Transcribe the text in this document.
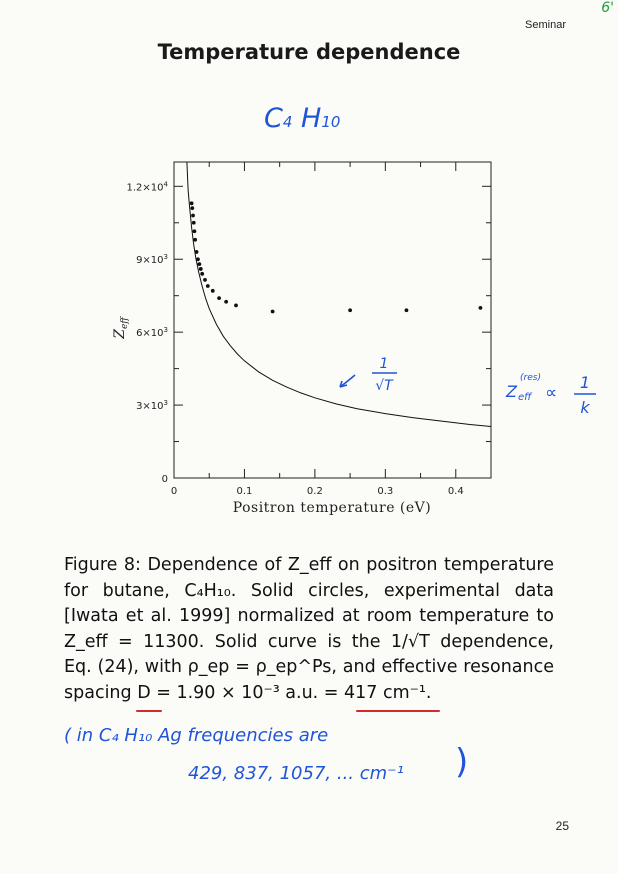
Seminar
6'
Temperature dependence
C4 H10
0	0.1	0.2	0.3	0.4
0
$3\times 10^3$
$6\times 10^3$
$9\times 10^3$
$1.2\times 10^4$
Positron temperature (eV)
$Z_{eff}$
1
√T	Z
(res)
eff ∝
1
k
Figure 8: Dependence of Z_eff on positron temperature
for butane, C₄H₁₀. Solid circles, experimental data
[Iwata et al. 1999] normalized at room temperature to
Z_eff = 11300. Solid curve is the 1/√T dependence,
Eq. (24), with ρ_ep = ρ_ep^Ps, and effective resonance
spacing D = 1.90 × 10⁻³ a.u. = 417 cm⁻¹.
( in C₄ H₁₀ Ag frequencies are
429, 837, 1057, ... cm⁻¹ )
25
